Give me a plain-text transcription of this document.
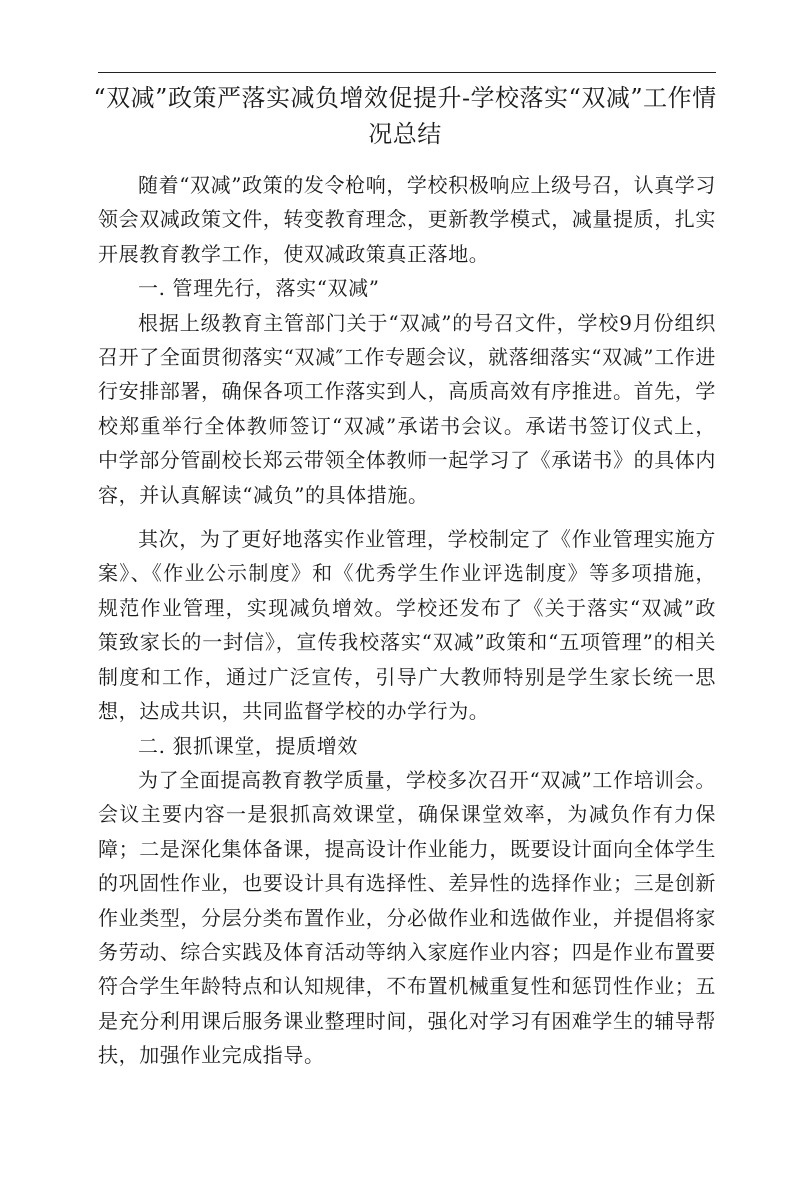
“双减”政策严落实减负增效促提升-学校落实“双减”工作情况总结

随着“双减”政策的发令枪响，学校积极响应上级号召，认真学习领会双减政策文件，转变教育理念，更新教学模式，减量提质，扎实开展教育教学工作，使双减政策真正落地。

一. 管理先行，落实“双减”

根据上级教育主管部门关于“双减”的号召文件，学校9月份组织召开了全面贯彻落实“双减″工作专题会议，就落细落实“双减”工作进行安排部署，确保各项工作落实到人，高质高效有序推进。首先，学校郑重举行全体教师签订“双减”承诺书会议。承诺书签订仪式上，中学部分管副校长郑云带领全体教师一起学习了《承诺书》的具体内容，并认真解读“减负”的具体措施。

其次，为了更好地落实作业管理，学校制定了《作业管理实施方案》、《作业公示制度》和《优秀学生作业评选制度》等多项措施，规范作业管理，实现减负增效。学校还发布了《关于落实“双减”政策致家长的一封信》，宣传我校落实“双减”政策和“五项管理”的相关制度和工作，通过广泛宣传，引导广大教师特别是学生家长统一思想，达成共识，共同监督学校的办学行为。

二. 狠抓课堂，提质增效

为了全面提高教育教学质量，学校多次召开“双减”工作培训会。会议主要内容一是狠抓高效课堂，确保课堂效率，为减负作有力保障；二是深化集体备课，提高设计作业能力，既要设计面向全体学生的巩固性作业，也要设计具有选择性、差异性的选择作业；三是创新作业类型，分层分类布置作业，分必做作业和选做作业，并提倡将家务劳动、综合实践及体育活动等纳入家庭作业内容；四是作业布置要符合学生年龄特点和认知规律，不布置机械重复性和惩罚性作业；五是充分利用课后服务课业整理时间，强化对学习有困难学生的辅导帮扶，加强作业完成指导。
